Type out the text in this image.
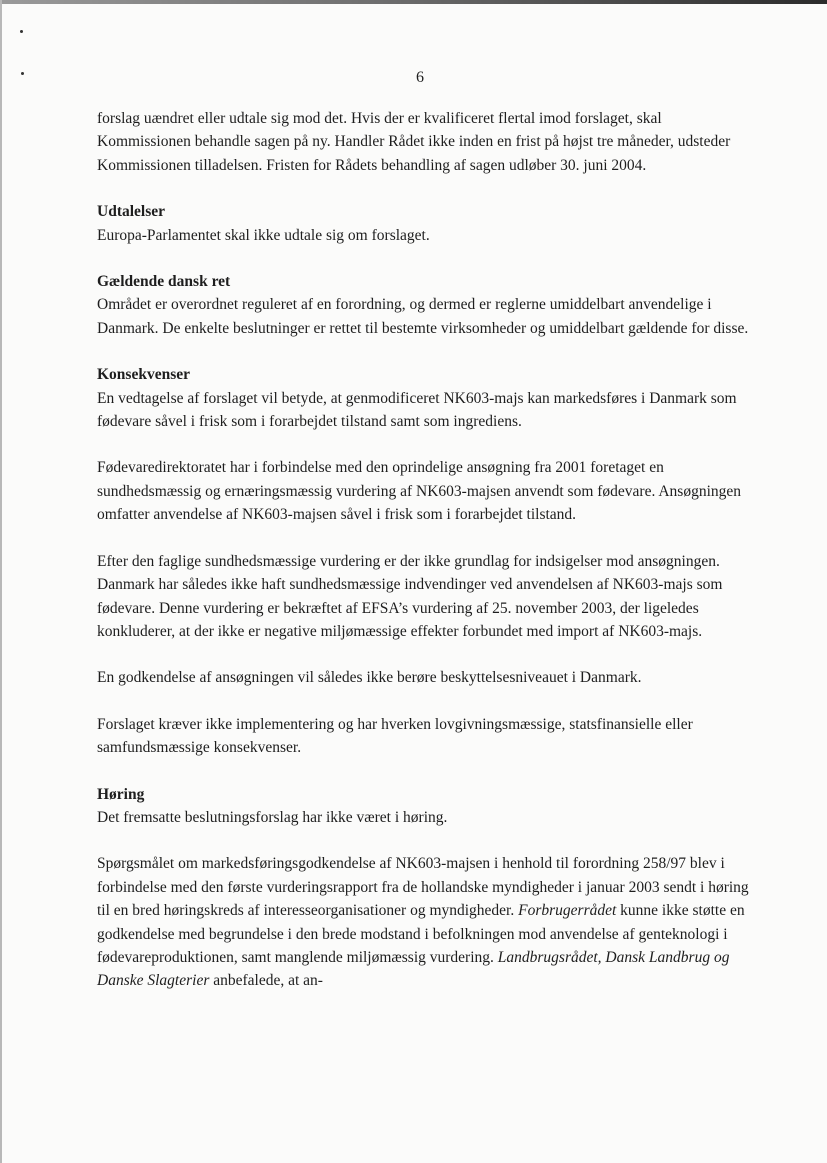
6

forslag uændret eller udtale sig mod det. Hvis der er kvalificeret flertal imod forslaget, skal Kommissionen behandle sagen på ny. Handler Rådet ikke inden en frist på højst tre måneder, udsteder Kommissionen tilladelsen. Fristen for Rådets behandling af sagen udløber 30. juni 2004.

Udtalelser

Europa-Parlamentet skal ikke udtale sig om forslaget.

Gældende dansk ret

Området er overordnet reguleret af en forordning, og dermed er reglerne umiddelbart anvendelige i Danmark. De enkelte beslutninger er rettet til bestemte virksomheder og umiddelbart gældende for disse.

Konsekvenser

En vedtagelse af forslaget vil betyde, at genmodificeret NK603-majs kan markedsføres i Danmark som fødevare såvel i frisk som i forarbejdet tilstand samt som ingrediens.

Fødevaredirektoratet har i forbindelse med den oprindelige ansøgning fra 2001 foretaget en sundhedsmæssig og ernæringsmæssig vurdering af NK603-majsen anvendt som fødevare. Ansøgningen omfatter anvendelse af NK603-majsen såvel i frisk som i forarbejdet tilstand.

Efter den faglige sundhedsmæssige vurdering er der ikke grundlag for indsigelser mod ansøgningen. Danmark har således ikke haft sundhedsmæssige indvendinger ved anvendelsen af NK603-majs som fødevare. Denne vurdering er bekræftet af EFSA’s vurdering af 25. november 2003, der ligeledes konkluderer, at der ikke er negative miljømæssige effekter forbundet med import af NK603-majs.

En godkendelse af ansøgningen vil således ikke berøre beskyttelsesniveauet i Danmark.

Forslaget kræver ikke implementering og har hverken lovgivningsmæssige, statsfinansielle eller samfundsmæssige konsekvenser.

Høring

Det fremsatte beslutningsforslag har ikke været i høring.

Spørgsmålet om markedsføringsgodkendelse af NK603-majsen i henhold til forordning 258/97 blev i forbindelse med den første vurderingsrapport fra de hollandske myndigheder i januar 2003 sendt i høring til en bred høringskreds af interesseorganisationer og myndigheder. Forbrugerrådet kunne ikke støtte en godkendelse med begrundelse i den brede modstand i befolkningen mod anvendelse af genteknologi i fødevareproduktionen, samt manglende miljømæssig vurdering. Landbrugsrådet, Dansk Landbrug og Danske Slagterier anbefalede, at an-
